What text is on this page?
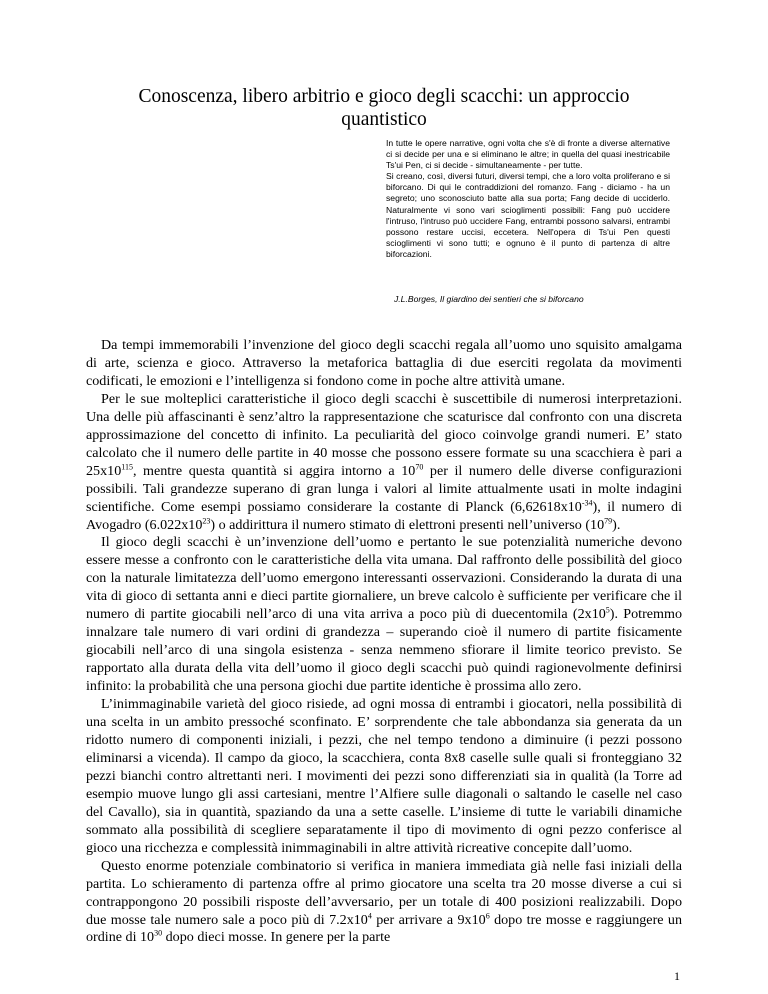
Conoscenza, libero arbitrio e gioco degli scacchi: un approccio quantistico

In tutte le opere narrative, ogni volta che s'è di fronte a diverse alternative ci si decide per una e si eliminano le altre; in quella del quasi inestricabile Ts'ui Pen, ci si decide - simultaneamente - per tutte.

Si creano, così, diversi futuri, diversi tempi, che a loro volta proliferano e si biforcano. Di qui le contraddizioni del romanzo. Fang - diciamo - ha un segreto; uno sconosciuto batte alla sua porta; Fang decide di ucciderlo. Naturalmente vi sono vari scioglimenti possibili: Fang può uccidere l'intruso, l'intruso può uccidere Fang, entrambi possono salvarsi, entrambi possono restare uccisi, eccetera. Nell'opera di Ts'ui Pen questi scioglimenti vi sono tutti; e ognuno è il punto di partenza di altre biforcazioni.

J.L.Borges, Il giardino dei sentieri che si biforcano

Da tempi immemorabili l’invenzione del gioco degli scacchi regala all’uomo uno squisito amalgama di arte, scienza e gioco. Attraverso la metaforica battaglia di due eserciti regolata da movimenti codificati, le emozioni e l’intelligenza si fondono come in poche altre attività umane.

Per le sue molteplici caratteristiche il gioco degli scacchi è suscettibile di numerosi interpretazioni. Una delle più affascinanti è senz’altro la rappresentazione che scaturisce dal confronto con una discreta approssimazione del concetto di infinito. La peculiarità del gioco coinvolge grandi numeri. E’ stato calcolato che il numero delle partite in 40 mosse che possono essere formate su una scacchiera è pari a $25x10^{115}$, mentre questa quantità si aggira intorno a $10^{70}$ per il numero delle diverse configurazioni possibili. Tali grandezze superano di gran lunga i valori al limite attualmente usati in molte indagini scientifiche. Come esempi possiamo considerare la costante di Planck $(6,62618x10^{-34})$, il numero di Avogadro $(6.022x10^{23})$ o addirittura il numero stimato di elettroni presenti nell’universo $(10^{79})$.

Il gioco degli scacchi è un’invenzione dell’uomo e pertanto le sue potenzialità numeriche devono essere messe a confronto con le caratteristiche della vita umana. Dal raffronto delle possibilità del gioco con la naturale limitatezza dell’uomo emergono interessanti osservazioni. Considerando la durata di una vita di gioco di settanta anni e dieci partite giornaliere, un breve calcolo è sufficiente per verificare che il numero di partite giocabili nell’arco di una vita arriva a poco più di duecentomila $(2x10^5)$. Potremmo innalzare tale numero di vari ordini di grandezza – superando cioè il numero di partite fisicamente giocabili nell’arco di una singola esistenza - senza nemmeno sfiorare il limite teorico previsto. Se rapportato alla durata della vita dell’uomo il gioco degli scacchi può quindi ragionevolmente definirsi infinito: la probabilità che una persona giochi due partite identiche è prossima allo zero.

L’inimmaginabile varietà del gioco risiede, ad ogni mossa di entrambi i giocatori, nella possibilità di una scelta in un ambito pressoché sconfinato. E’ sorprendente che tale abbondanza sia generata da un ridotto numero di componenti iniziali, i pezzi, che nel tempo tendono a diminuire (i pezzi possono eliminarsi a vicenda). Il campo da gioco, la scacchiera, conta 8x8 caselle sulle quali si fronteggiano 32 pezzi bianchi contro altrettanti neri. I movimenti dei pezzi sono differenziati sia in qualità (la Torre ad esempio muove lungo gli assi cartesiani, mentre l’Alfiere sulle diagonali o saltando le caselle nel caso del Cavallo), sia in quantità, spaziando da una a sette caselle. L’insieme di tutte le variabili dinamiche sommato alla possibilità di scegliere separatamente il tipo di movimento di ogni pezzo conferisce al gioco una ricchezza e complessità inimmaginabili in altre attività ricreative concepite dall’uomo.

Questo enorme potenziale combinatorio si verifica in maniera immediata già nelle fasi iniziali della partita. Lo schieramento di partenza offre al primo giocatore una scelta tra 20 mosse diverse a cui si contrappongono 20 possibili risposte dell’avversario, per un totale di 400 posizioni realizzabili. Dopo due mosse tale numero sale a poco più di $7.2x10^4$ per arrivare a $9x10^6$ dopo tre mosse e raggiungere un ordine di $10^{30}$ dopo dieci mosse. In genere per la parte

1
